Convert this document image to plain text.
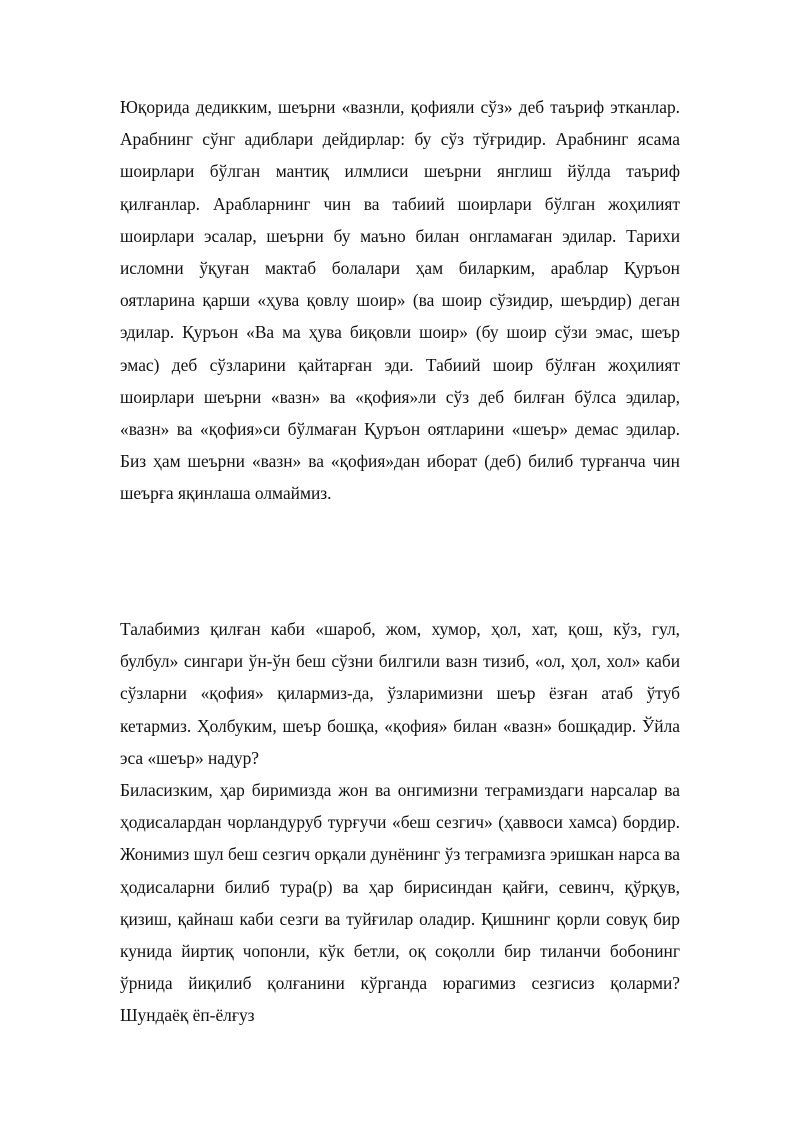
Юқорида дедикким, шеърни «вазнли, қофияли сўз» деб таъриф этканлар. Арабнинг сўнг адиблари дейдирлар: бу сўз тўғридир. Арабнинг ясама шоирлари бўлган мантиқ илмлиси шеърни янглиш йўлда таъриф қилғанлар. Арабларнинг чин ва табиий шоирлари бўлган жоҳилият шоирлари эсалар, шеърни бу маъно билан онгламаған эдилар. Тарихи исломни ўқуған мактаб болалари ҳам биларким, араблар Қуръон оятларина қарши «ҳува қовлу шоир» (ва шоир сўзидир, шеърдир) деган эдилар. Қуръон «Ва ма ҳува биқовли шоир» (бу шоир сўзи эмас, шеър эмас) деб сўзларини қайтарған эди. Табиий шоир бўлған жоҳилият шоирлари шеърни «вазн» ва «қофия»ли сўз деб билған бўлса эдилар, «вазн» ва «қофия»си бўлмаған Қуръон оятларини «шеър» демас эдилар. Биз ҳам шеърни «вазн» ва «қофия»дан иборат (деб) билиб турғанча чин шеърға яқинлаша олмаймиз.

Талабимиз қилған каби «шароб, жом, хумор, ҳол, хат, қош, кўз, гул, булбул» сингари ўн-ўн беш сўзни билгили вазн тизиб, «ол, ҳол, хол» каби сўзларни «қофия» қилармиз-да, ўзларимизни шеър ёзған атаб ўтуб кетармиз. Ҳолбуким, шеър бошқа, «қофия» билан «вазн» бошқадир. Ўйла эса «шеър» надур?

Биласизким, ҳар биримизда жон ва онгимизни теграмиздаги нарсалар ва ҳодисалардан чорландуруб турғучи «беш сезгич» (ҳаввоси хамса) бордир. Жонимиз шул беш сезгич орқали дунёнинг ўз теграмизга эришкан нарса ва ҳодисаларни билиб тура(р) ва ҳар бирисиндан қайғи, севинч, қўрқув, қизиш, қайнаш каби сезги ва туйғилар оладир. Қишнинг қорли совуқ бир кунида йиртиқ чопонли, кўк бетли, оқ соқолли бир тиланчи бобонинг ўрнида йиқилиб қолғанини кўрганда юрагимиз сезгисиз қоларми? Шундаёқ ёп-ёлғуз
